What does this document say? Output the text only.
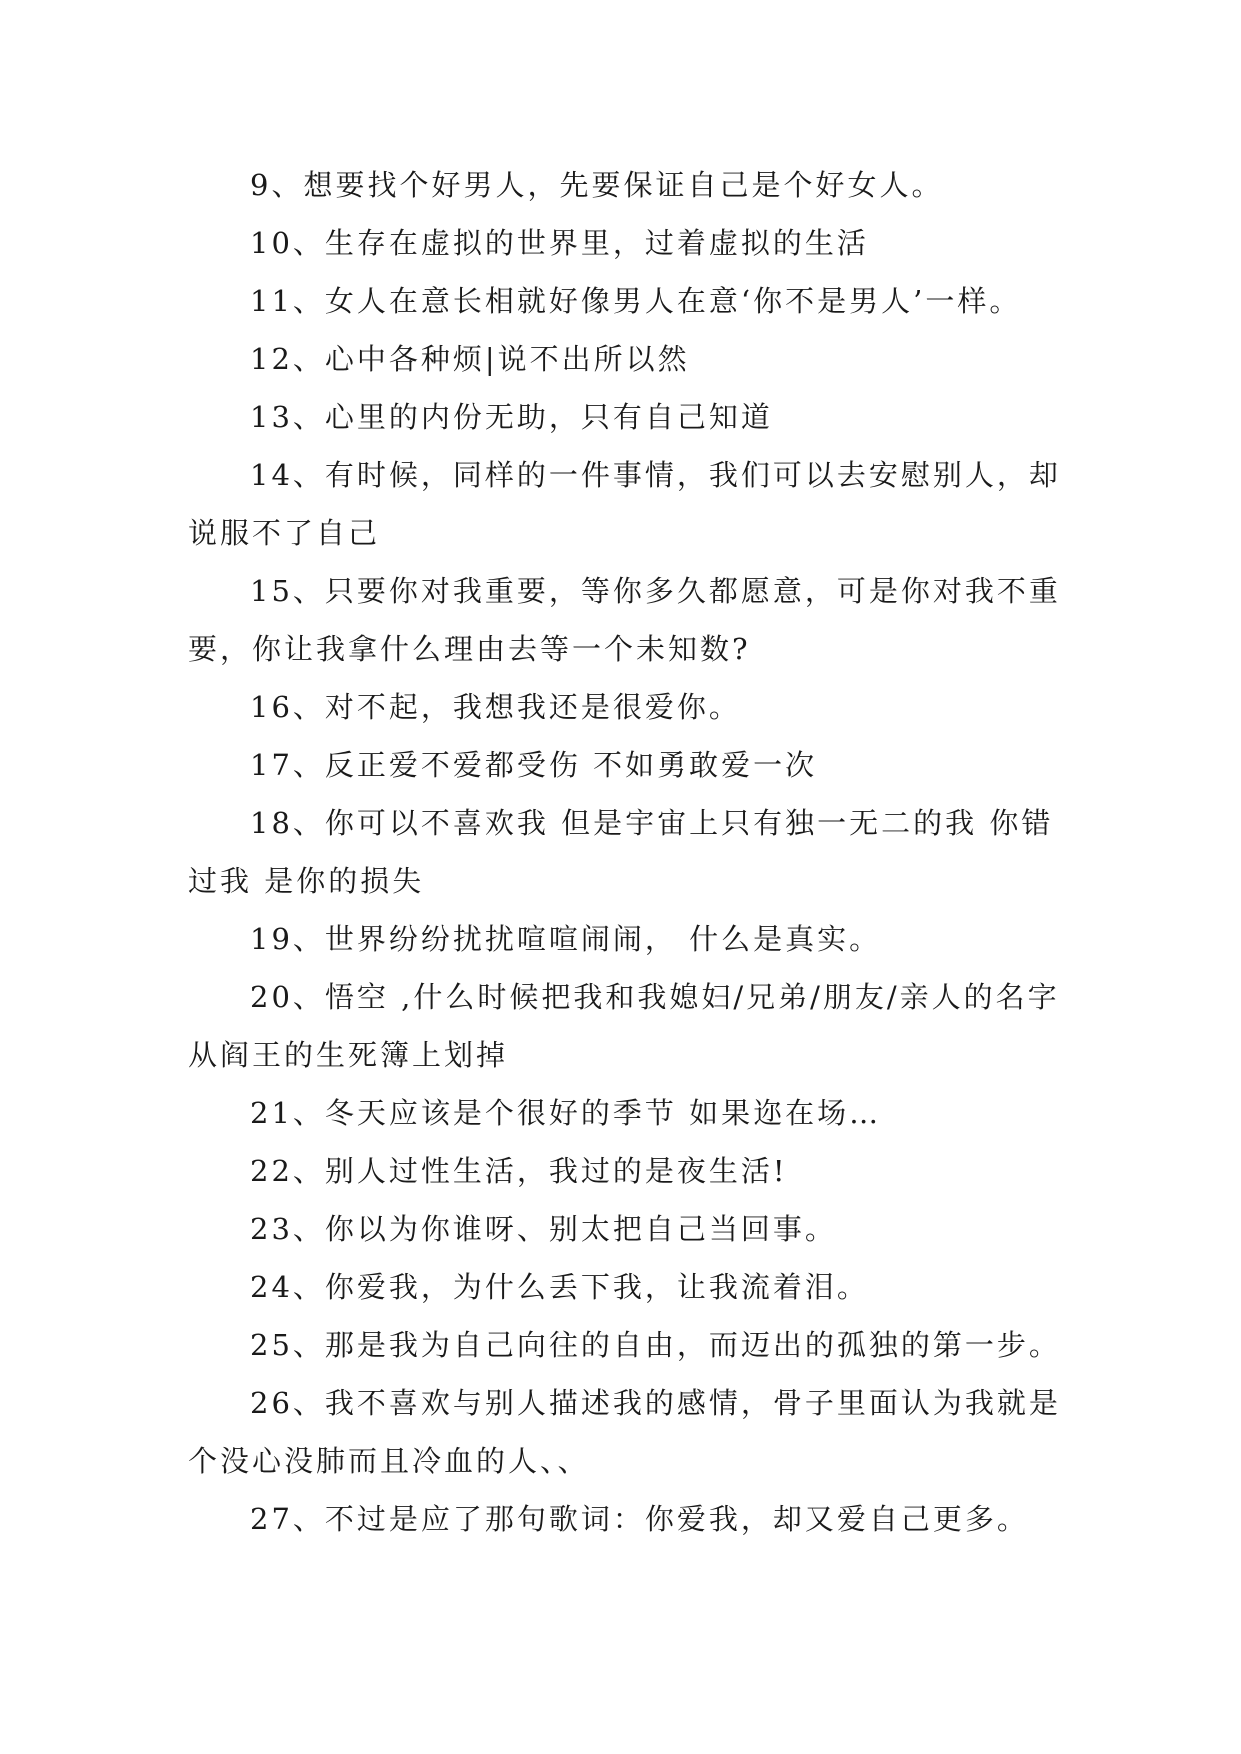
9、想要找个好男人，先要保证自己是个好女人。

10、生存在虚拟的世界里，过着虚拟的生活

11、女人在意长相就好像男人在意‘你不是男人’一样。

12、心中各种烦|说不出所以然

13、心里的内份无助，只有自己知道

14、有时候，同样的一件事情，我们可以去安慰别人，却说服不了自己

15、只要你对我重要，等你多久都愿意，可是你对我不重要，你让我拿什么理由去等一个未知数?

16、对不起，我想我还是很爱你。

17、反正爱不爱都受伤 不如勇敢爱一次

18、你可以不喜欢我 但是宇宙上只有独一无二的我 你错过我 是你的损失

19、世界纷纷扰扰喧喧闹闹， 什么是真实。

20、悟空 ,什么时候把我和我媳妇/兄弟/朋友/亲人的名字从阎王的生死簿上划掉

21、冬天应该是个很好的季节 如果迩在场…

22、别人过性生活，我过的是夜生活!

23、你以为你谁呀、别太把自己当回事。

24、你爱我，为什么丢下我，让我流着泪。

25、那是我为自己向往的自由，而迈出的孤独的第一步。

26、我不喜欢与别人描述我的感情，骨子里面认为我就是个没心没肺而且冷血的人、、

27、不过是应了那句歌词：你爱我，却又爱自己更多。
